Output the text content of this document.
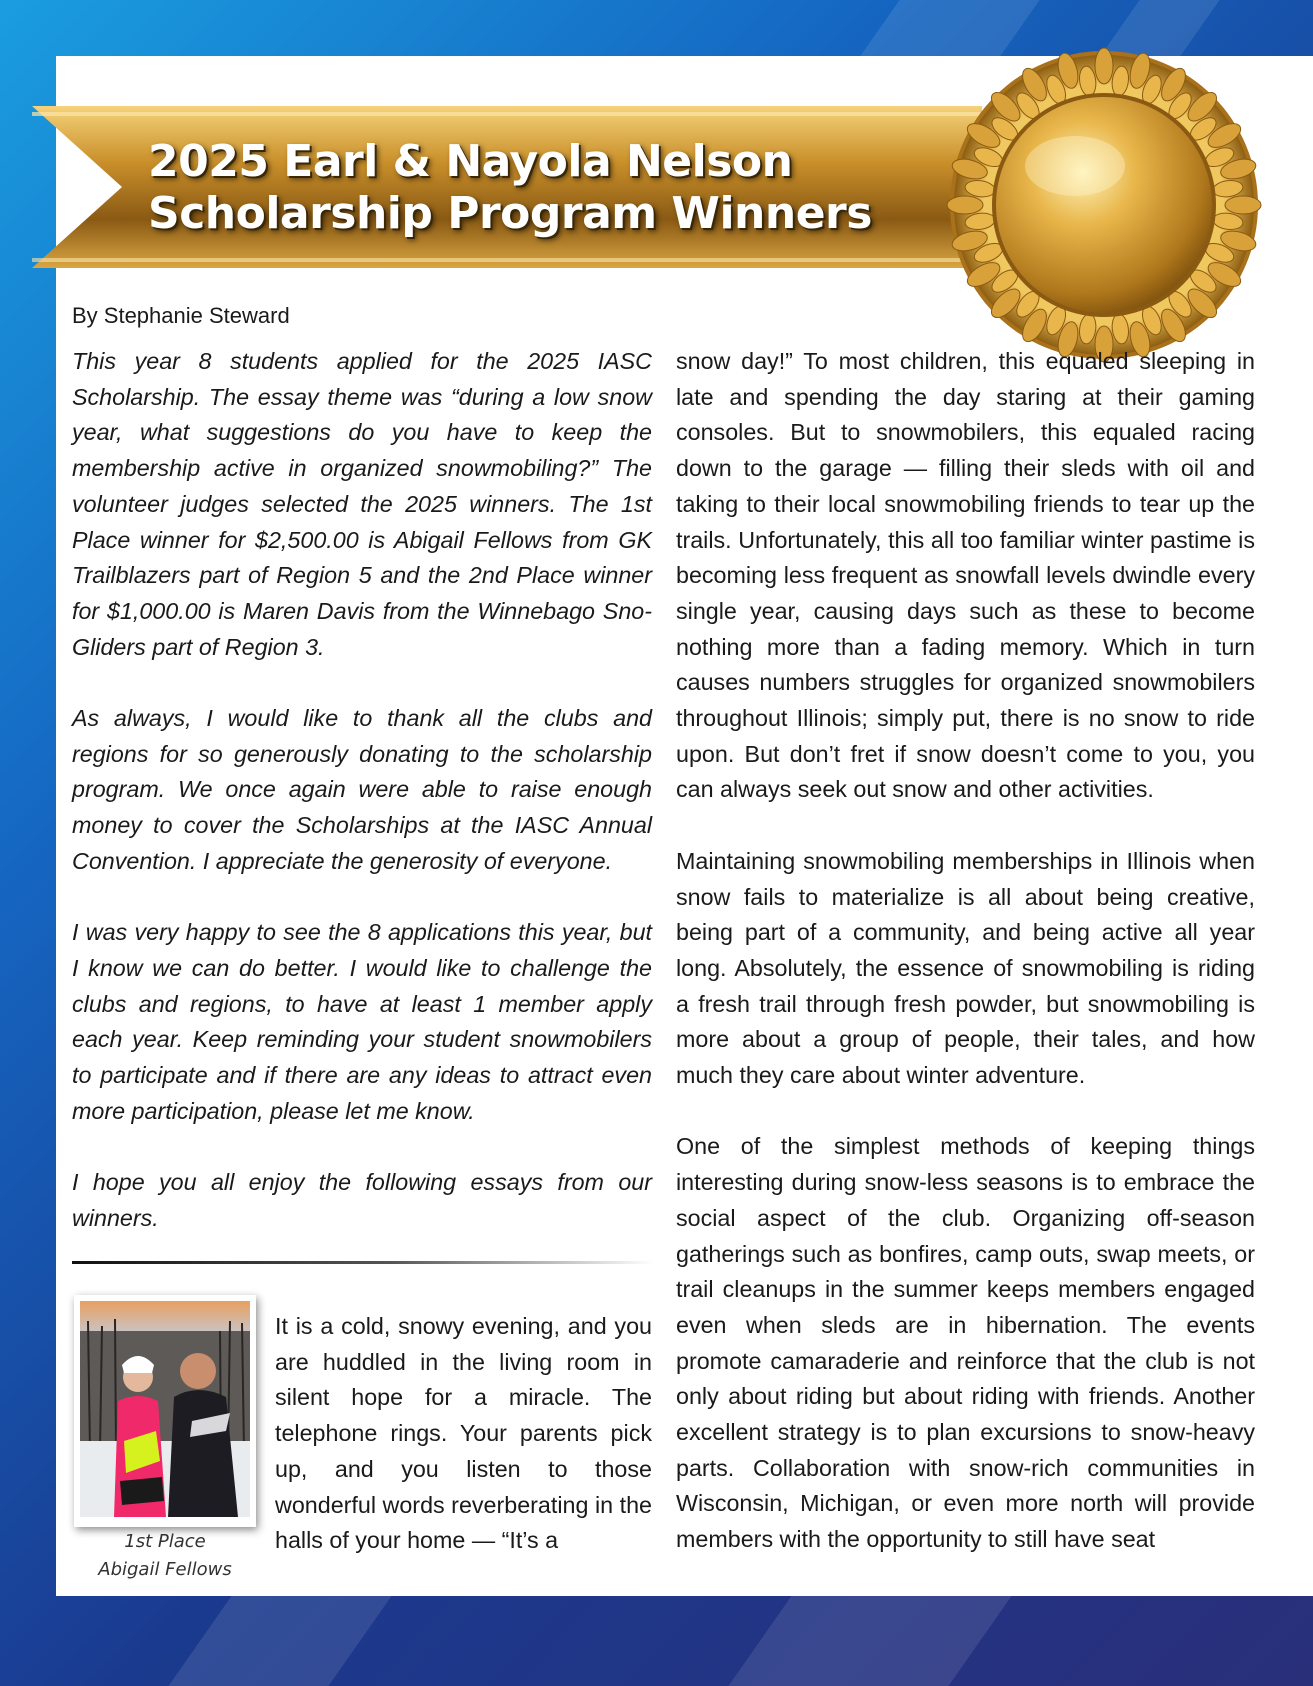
2025 Earl & Nayola Nelson
Scholarship Program Winners

By Stephanie Steward

This year 8 students applied for the 2025 IASC Scholarship. The essay theme was “during a low snow year, what suggestions do you have to keep the membership active in organized snowmobiling?” The volunteer judges selected the 2025 winners. The 1st Place winner for $2,500.00 is Abigail Fellows from GK Trailblazers part of Region 5 and the 2nd Place winner for $1,000.00 is Maren Davis from the Winnebago Sno-Gliders part of Region 3.

As always, I would like to thank all the clubs and regions for so generously donating to the scholarship program. We once again were able to raise enough money to cover the Scholarships at the IASC Annual Convention. I appreciate the generosity of everyone.

I was very happy to see the 8 applications this year, but I know we can do better. I would like to challenge the clubs and regions, to have at least 1 member apply each year. Keep reminding your student snowmobilers to participate and if there are any ideas to attract even more participation, please let me know.

I hope you all enjoy the following essays from our winners.

1st Place
Abigail Fellows

It is a cold, snowy evening, and you are huddled in the living room in silent hope for a miracle. The telephone rings. Your parents pick up, and you listen to those wonderful words reverberating in the halls of your home — “It’s a

snow day!” To most children, this equaled sleeping in late and spending the day staring at their gaming consoles. But to snowmobilers, this equaled racing down to the garage — filling their sleds with oil and taking to their local snowmobiling friends to tear up the trails. Unfortunately, this all too familiar winter pastime is becoming less frequent as snowfall levels dwindle every single year, causing days such as these to become nothing more than a fading memory. Which in turn causes numbers struggles for organized snowmobilers throughout Illinois; simply put, there is no snow to ride upon. But don’t fret if snow doesn’t come to you, you can always seek out snow and other activities.

Maintaining snowmobiling memberships in Illinois when snow fails to materialize is all about being creative, being part of a community, and being active all year long. Absolutely, the essence of snowmobiling is riding a fresh trail through fresh powder, but snowmobiling is more about a group of people, their tales, and how much they care about winter adventure.

One of the simplest methods of keeping things interesting during snow-less seasons is to embrace the social aspect of the club. Organizing off-season gatherings such as bonfires, camp outs, swap meets, or trail cleanups in the summer keeps members engaged even when sleds are in hibernation. The events promote camaraderie and reinforce that the club is not only about riding but about riding with friends. Another excellent strategy is to plan excursions to snow-heavy parts. Collaboration with snow-rich communities in Wisconsin, Michigan, or even more north will provide members with the opportunity to still have seat
